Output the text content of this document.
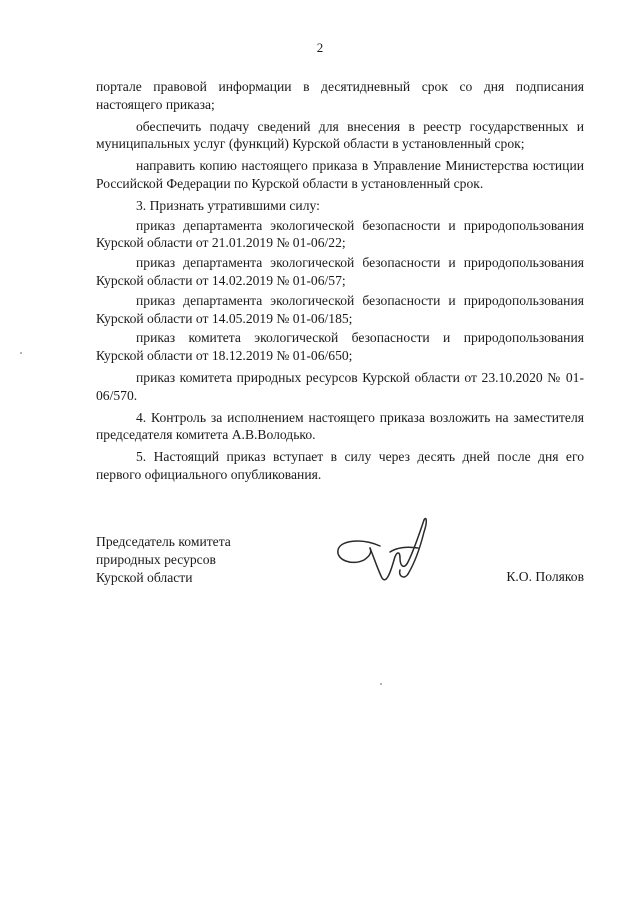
2

портале правовой информации в десятидневный срок со дня подписания настоящего приказа;

обеспечить подачу сведений для внесения в реестр государственных и муниципальных услуг (функций) Курской области в установленный срок;

направить копию настоящего приказа в Управление Министерства юстиции Российской Федерации по Курской области в установленный срок.

3. Признать утратившими силу:

приказ департамента экологической безопасности и природопользования Курской области от 21.01.2019 № 01-06/22;

приказ департамента экологической безопасности и природопользования Курской области от 14.02.2019 № 01-06/57;

приказ департамента экологической безопасности и природопользования Курской области от 14.05.2019 № 01-06/185;

приказ комитета экологической безопасности и природопользования Курской области от 18.12.2019 № 01-06/650;

приказ комитета природных ресурсов Курской области от 23.10.2020 № 01-06/570.

4. Контроль за исполнением настоящего приказа возложить на заместителя председателя комитета А.В.Володько.

5. Настоящий приказ вступает в силу через десять дней после дня его первого официального опубликования.

Председатель комитета
природных ресурсов
Курской области	К.О. Поляков
